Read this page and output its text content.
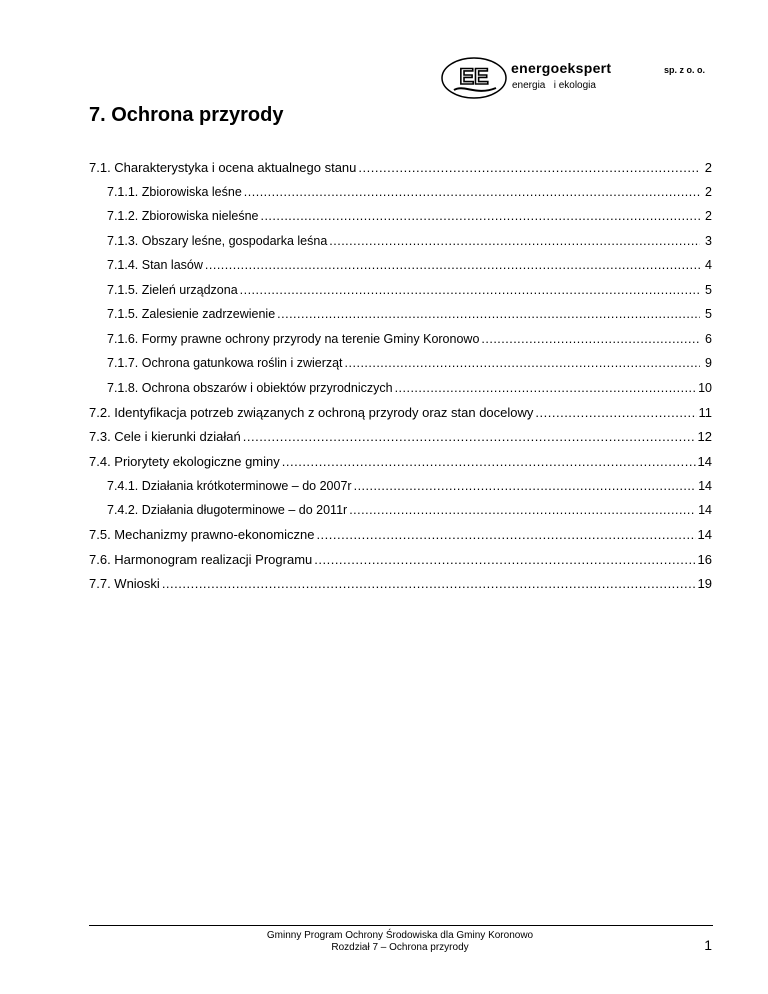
EE energoekspert	sp. z o. o.
energia   i ekologia
7. Ochrona przyrody
7.1. Charakterystyka i ocena aktualnego stanu .....	2
7.1.1. Zbiorowiska leśne .....	2
7.1.2. Zbiorowiska nieleśne .....	2
7.1.3. Obszary leśne, gospodarka leśna .....	3
7.1.4. Stan lasów .....	4
7.1.5. Zieleń urządzona .....	5
7.1.5. Zalesienie zadrzewienie .....	5
7.1.6. Formy prawne ochrony przyrody na terenie Gminy Koronowo .....	6
7.1.7. Ochrona gatunkowa roślin i zwierząt .....	9
7.1.8. Ochrona obszarów i obiektów przyrodniczych .....	10
7.2. Identyfikacja potrzeb związanych z ochroną przyrody oraz stan docelowy .....	11
7.3. Cele i kierunki działań .....	12
7.4. Priorytety ekologiczne gminy .....	14
7.4.1. Działania krótkoterminowe – do 2007r .....	14
7.4.2. Działania długoterminowe – do 2011r .....	14
7.5. Mechanizmy prawno-ekonomiczne .....	14
7.6. Harmonogram realizacji Programu .....	16
7.7. Wnioski .....	19
Gminny Program Ochrony Środowiska dla Gminy Koronowo
Rozdział 7 – Ochrona przyrody	1
